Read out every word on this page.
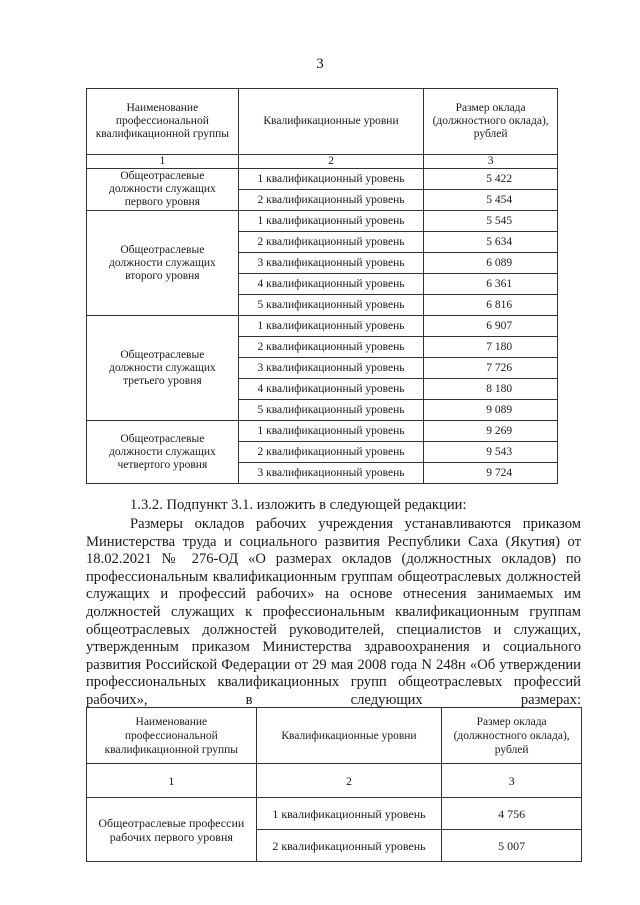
3
Наименование профессиональной квалификационной группы	Квалификационные уровни	Размер оклада (должностного оклада), рублей
1	2	3
Общеотраслевые должности служащих первого уровня	1 квалификационный уровень	5 422
	2 квалификационный уровень	5 454
Общеотраслевые должности служащих второго уровня	1 квалификационный уровень	5 545
	2 квалификационный уровень	5 634
	3 квалификационный уровень	6 089
	4 квалификационный уровень	6 361
	5 квалификационный уровень	6 816
Общеотраслевые должности служащих третьего уровня	1 квалификационный уровень	6 907
	2 квалификационный уровень	7 180
	3 квалификационный уровень	7 726
	4 квалификационный уровень	8 180
	5 квалификационный уровень	9 089
Общеотраслевые должности служащих четвертого уровня	1 квалификационный уровень	9 269
	2 квалификационный уровень	9 543
	3 квалификационный уровень	9 724
1.3.2. Подпункт 3.1. изложить в следующей редакции:
Размеры окладов рабочих учреждения устанавливаются приказом Министерства труда и социального развития Республики Саха (Якутия) от 18.02.2021 № 276-ОД «О размерах окладов (должностных окладов) по профессиональным квалификационным группам общеотраслевых должностей служащих и профессий рабочих» на основе отнесения занимаемых им должностей служащих к профессиональным квалификационным группам общеотраслевых должностей руководителей, специалистов и служащих, утвержденным приказом Министерства здравоохранения и социального развития Российской Федерации от 29 мая 2008 года N 248н «Об утверждении профессиональных квалификационных групп общеотраслевых профессий рабочих», в следующих размерах:
Наименование профессиональной квалификационной группы	Квалификационные уровни	Размер оклада (должностного оклада), рублей
1	2	3
Общеотраслевые профессии рабочих первого уровня	1 квалификационный уровень	4 756
	2 квалификационный уровень	5 007
